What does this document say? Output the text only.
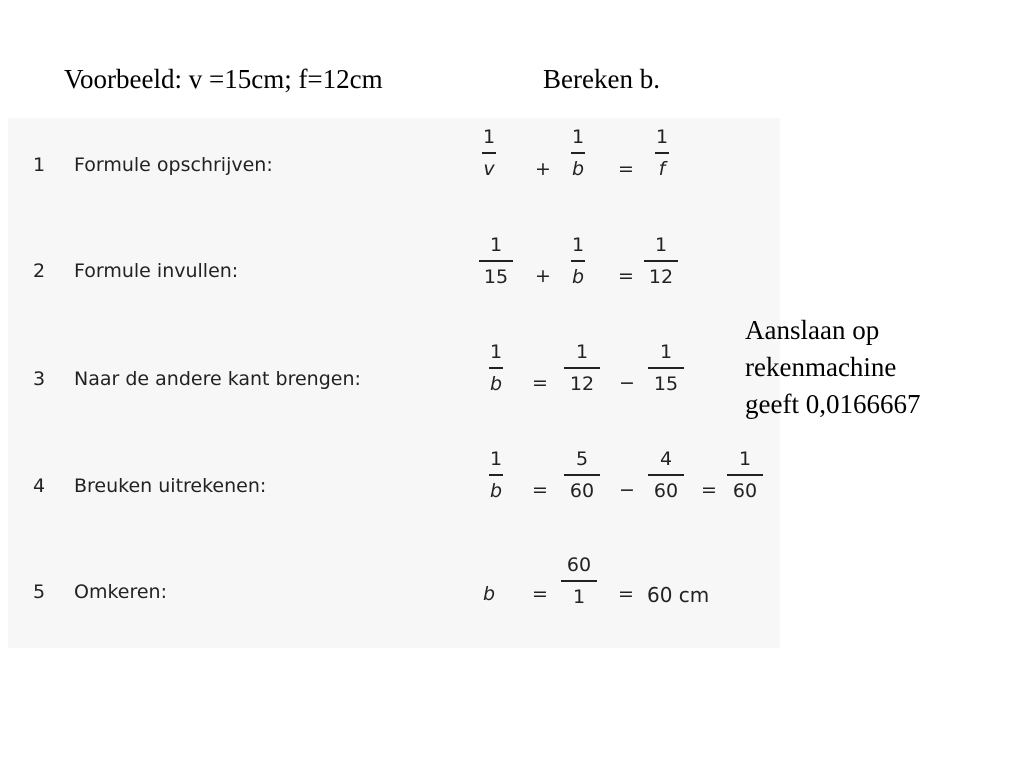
Voorbeeld: v =15cm; f=12cm	Bereken b.
1 Formule opschrijven:
2 Formule invullen:
3 Naar de andere kant brengen:
4 Breuken uitrekenen:
5 Omkeren:
1
v +
1
b =
1
f
1
15 +
1
b =
1
12
1
b =
1
12 −
1
15
1
b =
5
60 −
4
60 =
1
60
b =
60
1 = 60 cm
Aanslaan op
rekenmachine
geeft 0,0166667
